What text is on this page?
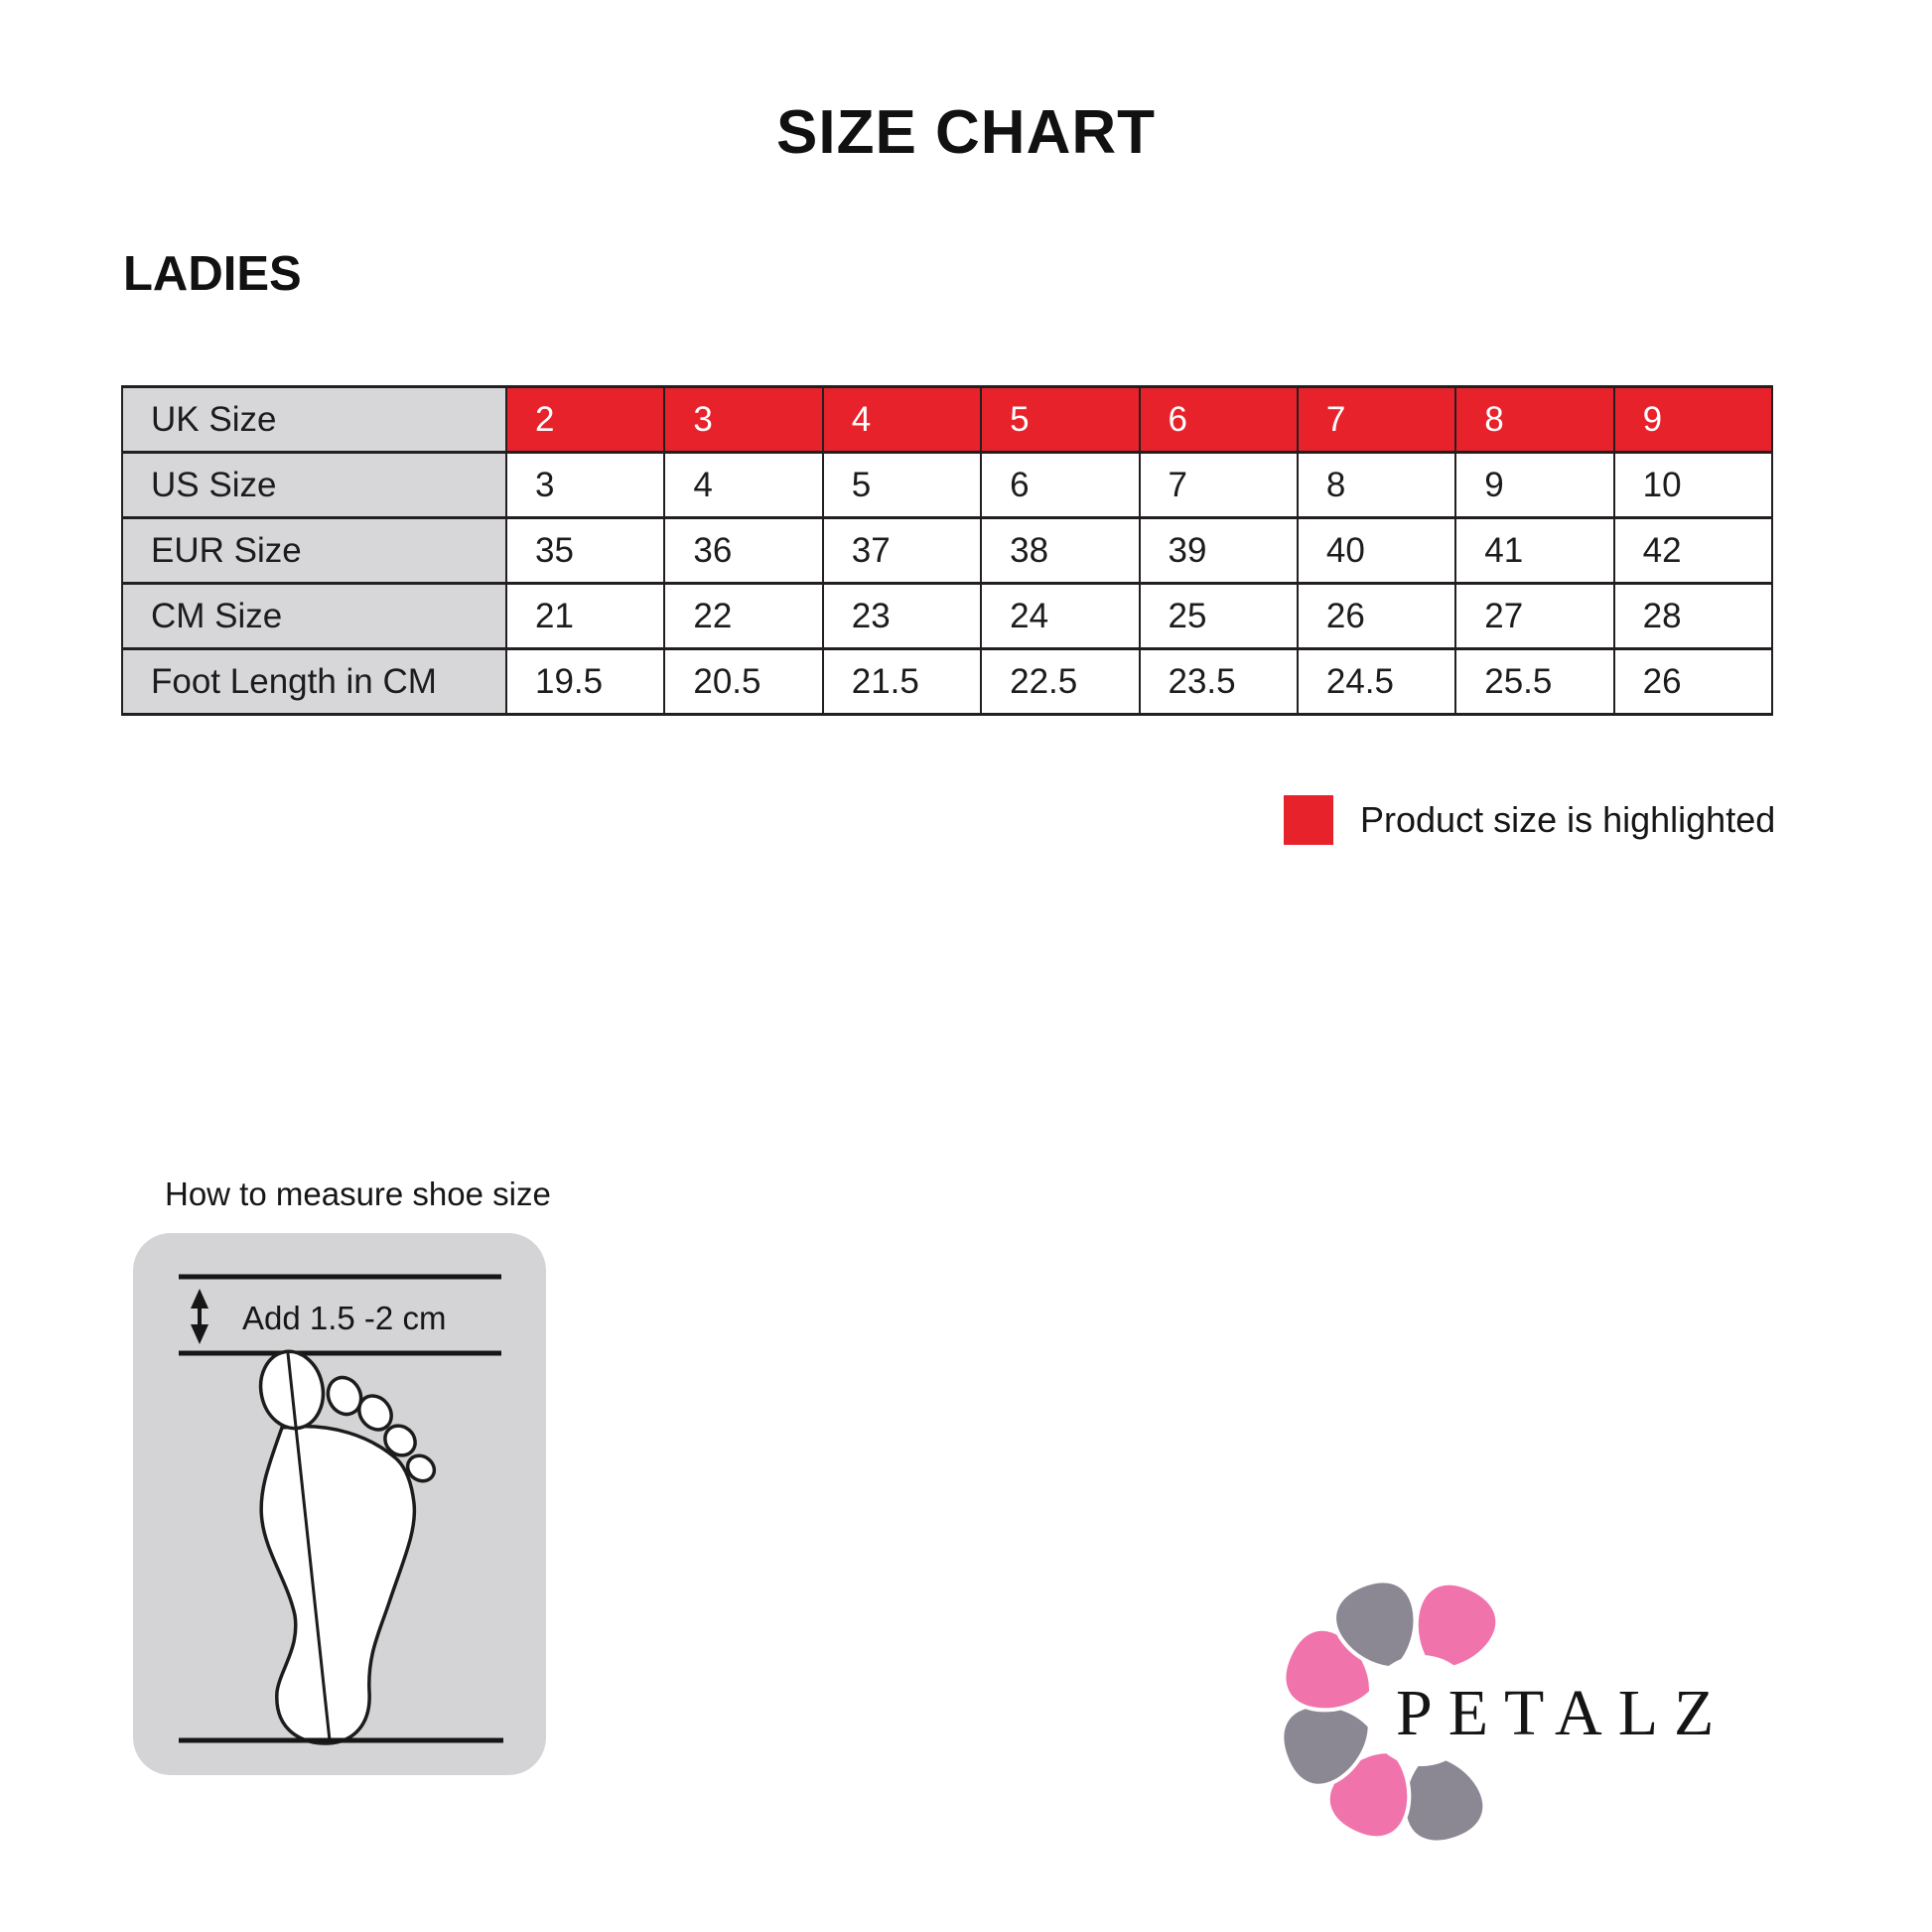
SIZE CHART
LADIES
UK Size	2	3	4	5	6	7	8	9
US Size	3	4	5	6	7	8	9	10
EUR Size	35	36	37	38	39	40	41	42
CM Size	21	22	23	24	25	26	27	28
Foot Length in CM	19.5	20.5	21.5	22.5	23.5	24.5	25.5	26
Product size is highlighted
How to measure shoe size
Add 1.5 -2 cm
PETALZ
